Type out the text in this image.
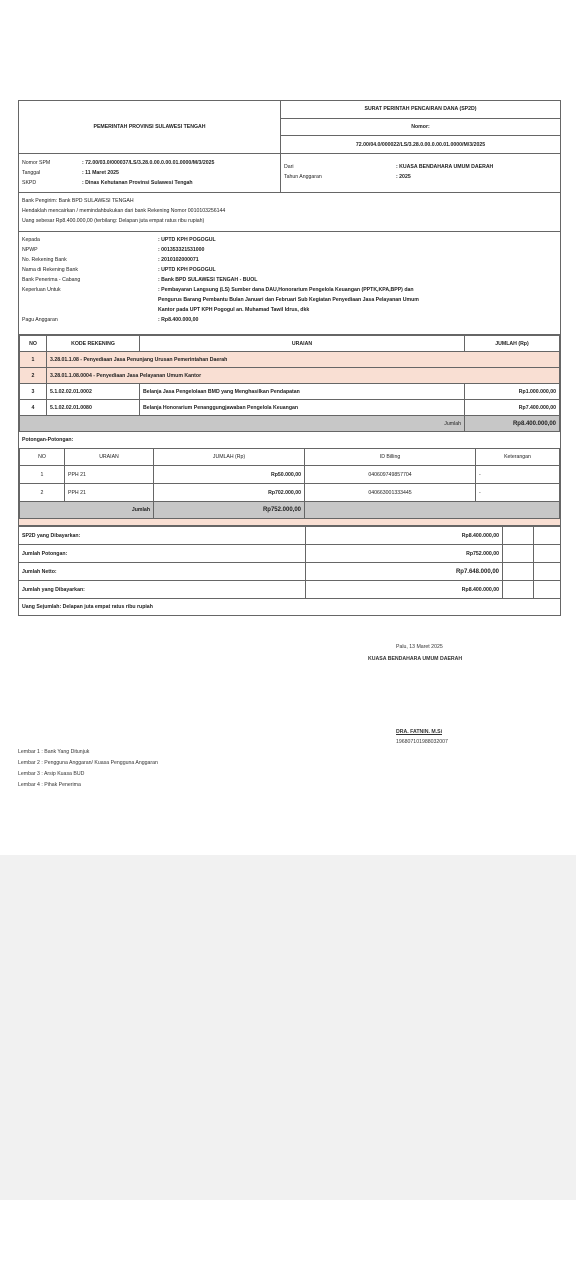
PEMERINTAH PROVINSI SULAWESI TENGAH
SURAT PERINTAH PENCAIRAN DANA (SP2D)
Nomor:
72.00/04.0/000022/LS/3.28.0.00.0.00.01.0000/M/3/2025
Nomor SPM	: 72.00/03.0/000037/LS/3.28.0.00.0.00.01.0000/M/3/2025
Tanggal	: 11 Maret 2025
SKPD	: Dinas Kehutanan Provinsi Sulawesi Tengah
Dari	: KUASA BENDAHARA UMUM DAERAH
Tahun Anggaran	: 2025
Bank Pengirim: Bank BPD SULAWESI TENGAH
Hendaklah mencairkan / memindahbukukan dari bank Rekening Nomor 0010103256144
Uang sebesar Rp8.400.000,00 (terbilang: Delapan juta empat ratus ribu rupiah)
Kepada	: UPTD KPH POGOGUL
NPWP	: 001353321531000
No. Rekening Bank	: 2010102000071
Nama di Rekening Bank	: UPTD KPH POGOGUL
Bank Penerima - Cabang	: Bank BPD SULAWESI TENGAH - BUOL
Keperluan Untuk	: Pembayaran Langsung (LS) Sumber dana DAU,Honorarium Pengelola Keuangan (PPTK,KPA,BPP) dan
Pengurus Barang Pembantu Bulan Januari dan Februari Sub Kegiatan Penyediaan Jasa Pelayanan Umum
Kantor pada UPT KPH Pogogul an. Muhamad Tawil Idrus, dkk
Pagu Anggaran	: Rp8.400.000,00
NO	KODE REKENING	URAIAN	JUMLAH (Rp)
1	3.28.01.1.08 - Penyediaan Jasa Penunjang Urusan Pemerintahan Daerah		
2	3.28.01.1.08.0004 - Penyediaan Jasa Pelayanan Umum Kantor		
3	5.1.02.02.01.0002	Belanja Jasa Pengelolaan BMD yang Menghasilkan Pendapatan	Rp1.000.000,00
4	5.1.02.02.01.0080	Belanja Honorarium Penanggungjawaban Pengelola Keuangan	Rp7.400.000,00
Jumlah			Rp8.400.000,00
Potongan-Potongan:
NO	URAIAN	JUMLAH (Rp)	ID Billing	Keterangan
1	PPH 21	Rp50.000,00	040609749857704	-
2	PPH 21	Rp702.000,00	040663001333445	-
Jumlah		Rp752.000,00		
SP2D yang Dibayarkan:	Rp8.400.000,00		
Jumlah Potongan:	Rp752.000,00		
Jumlah Netto:	Rp7.648.000,00		
Jumlah yang Dibayarkan:	Rp8.400.000,00		
Uang Sejumlah: Delapan juta empat ratus ribu rupiah
Palu, 13 Maret 2025
KUASA BENDAHARA UMUM DAERAH
DRA. FATNIN. M.Si
196807101988032007
Lembar 1 : Bank Yang Ditunjuk
Lembar 2 : Pengguna Anggaran/ Kuasa Pengguna Anggaran
Lembar 3 : Arsip Kuasa BUD
Lembar 4 : Pihak Penerima
